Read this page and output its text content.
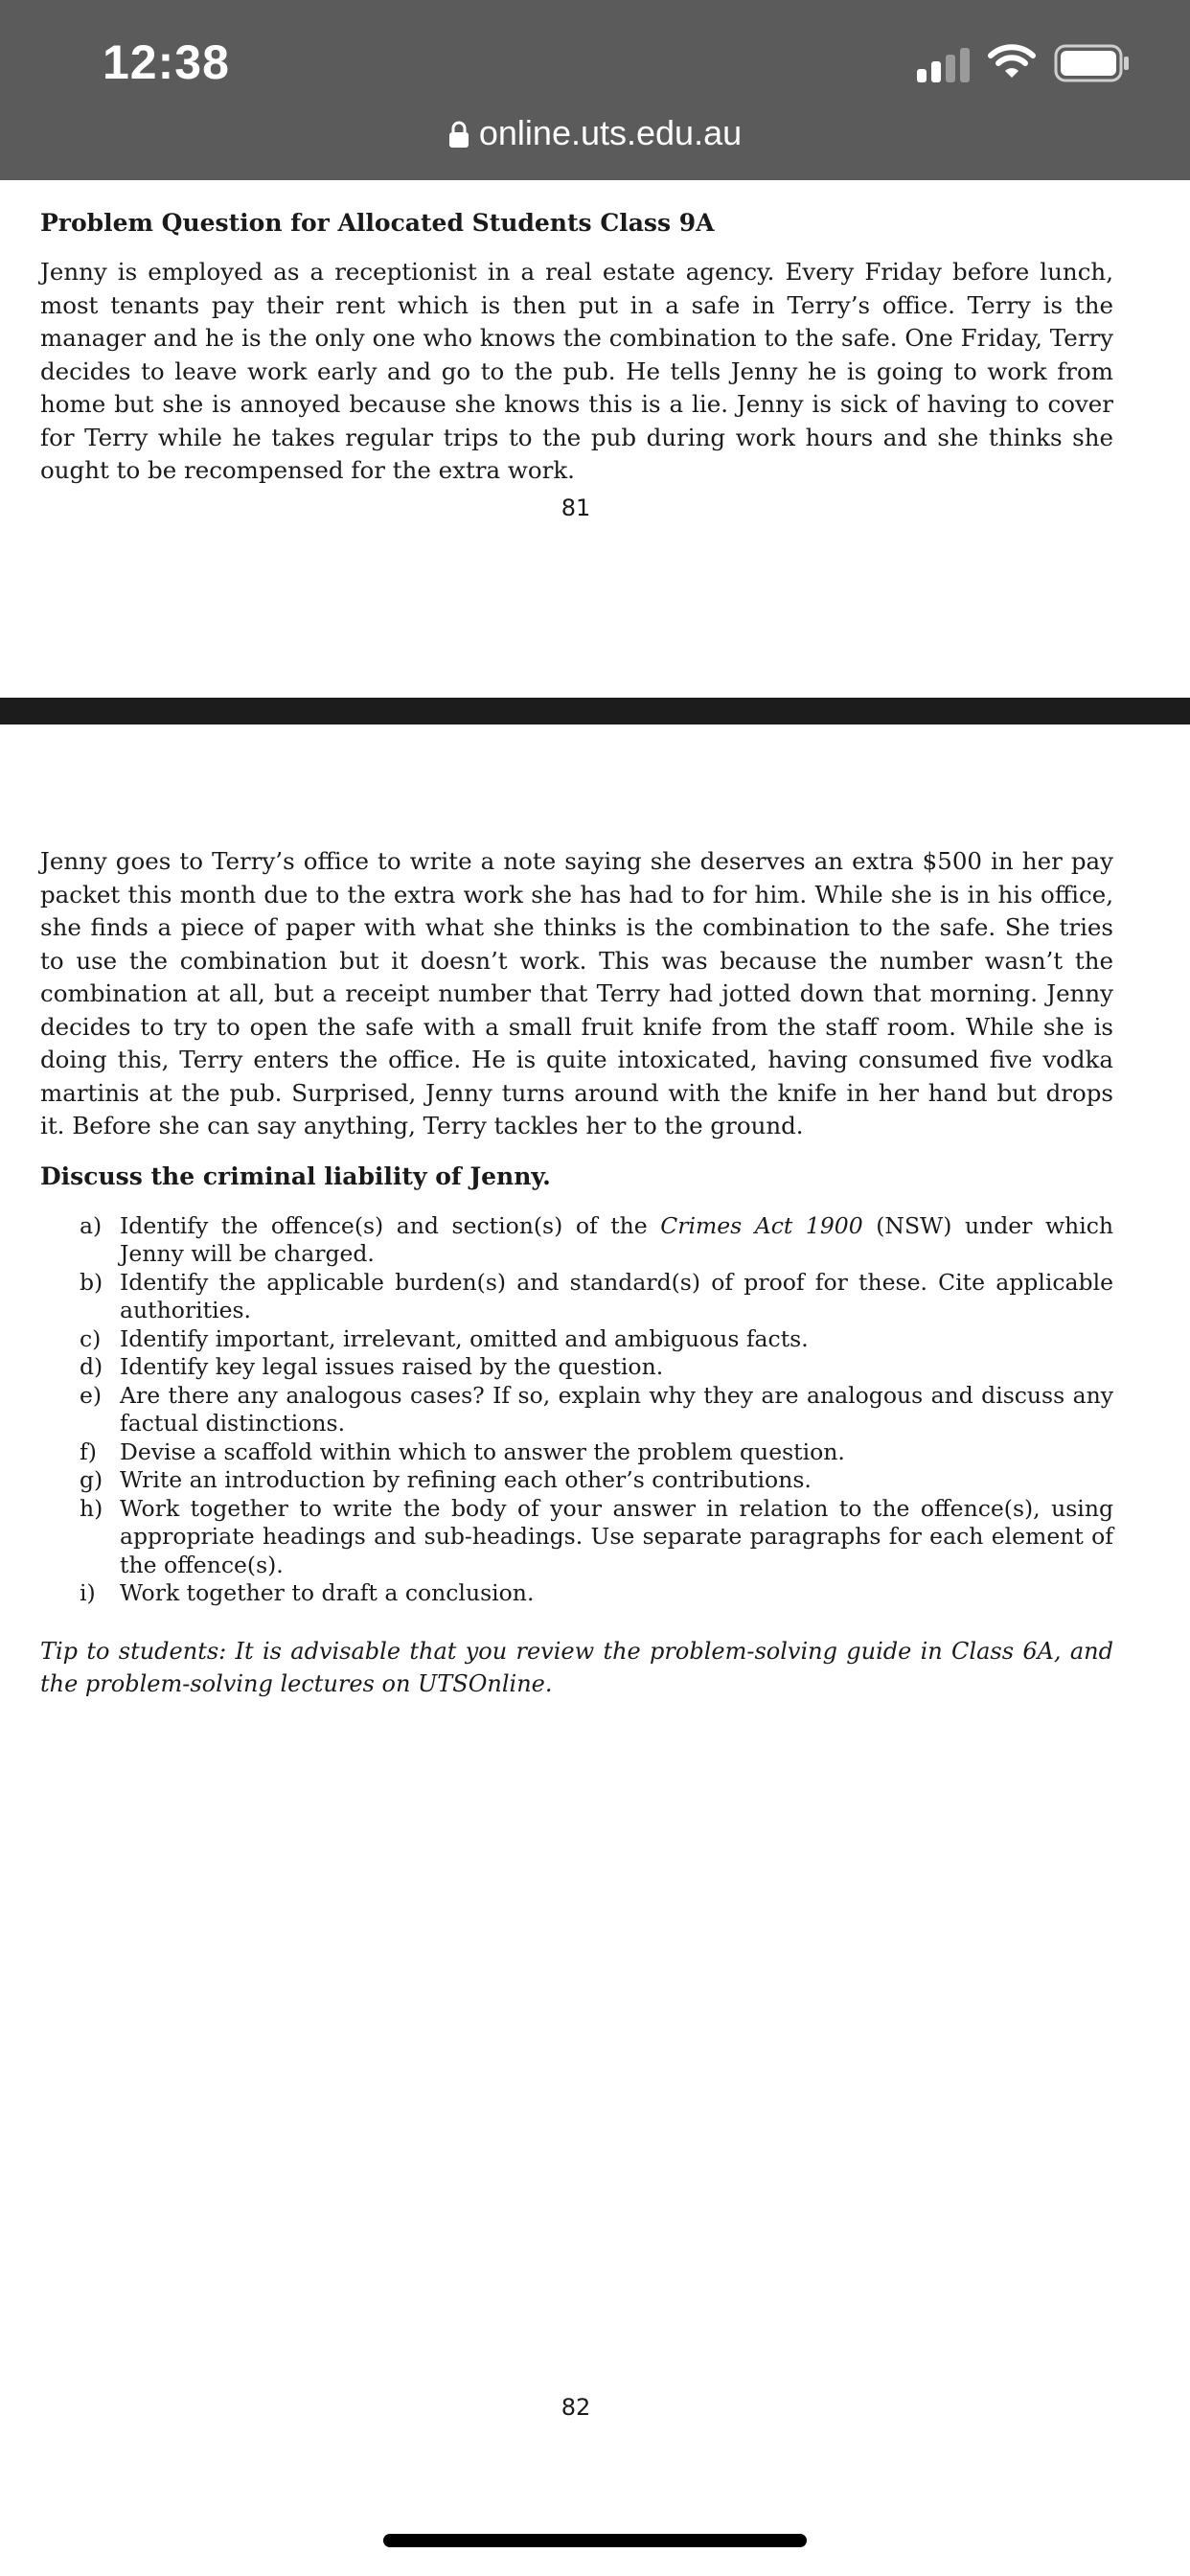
12:38
online.uts.edu.au

Problem Question for Allocated Students Class 9A

Jenny is employed as a receptionist in a real estate agency. Every Friday before lunch, most tenants pay their rent which is then put in a safe in Terry’s office. Terry is the manager and he is the only one who knows the combination to the safe. One Friday, Terry decides to leave work early and go to the pub. He tells Jenny he is going to work from home but she is annoyed because she knows this is a lie. Jenny is sick of having to cover for Terry while he takes regular trips to the pub during work hours and she thinks she ought to be recompensed for the extra work.

81

Jenny goes to Terry’s office to write a note saying she deserves an extra $500 in her pay packet this month due to the extra work she has had to for him. While she is in his office, she finds a piece of paper with what she thinks is the combination to the safe. She tries to use the combination but it doesn’t work. This was because the number wasn’t the combination at all, but a receipt number that Terry had jotted down that morning. Jenny decides to try to open the safe with a small fruit knife from the staff room. While she is doing this, Terry enters the office. He is quite intoxicated, having consumed five vodka martinis at the pub. Surprised, Jenny turns around with the knife in her hand but drops it. Before she can say anything, Terry tackles her to the ground.

Discuss the criminal liability of Jenny.

a) Identify the offence(s) and section(s) of the Crimes Act 1900 (NSW) under which Jenny will be charged.
b) Identify the applicable burden(s) and standard(s) of proof for these. Cite applicable authorities.
c) Identify important, irrelevant, omitted and ambiguous facts.
d) Identify key legal issues raised by the question.
e) Are there any analogous cases? If so, explain why they are analogous and discuss any factual distinctions.
f) Devise a scaffold within which to answer the problem question.
g) Write an introduction by refining each other’s contributions.
h) Work together to write the body of your answer in relation to the offence(s), using appropriate headings and sub-headings. Use separate paragraphs for each element of the offence(s).
i) Work together to draft a conclusion.

Tip to students: It is advisable that you review the problem-solving guide in Class 6A, and the problem-solving lectures on UTSOnline.

82
